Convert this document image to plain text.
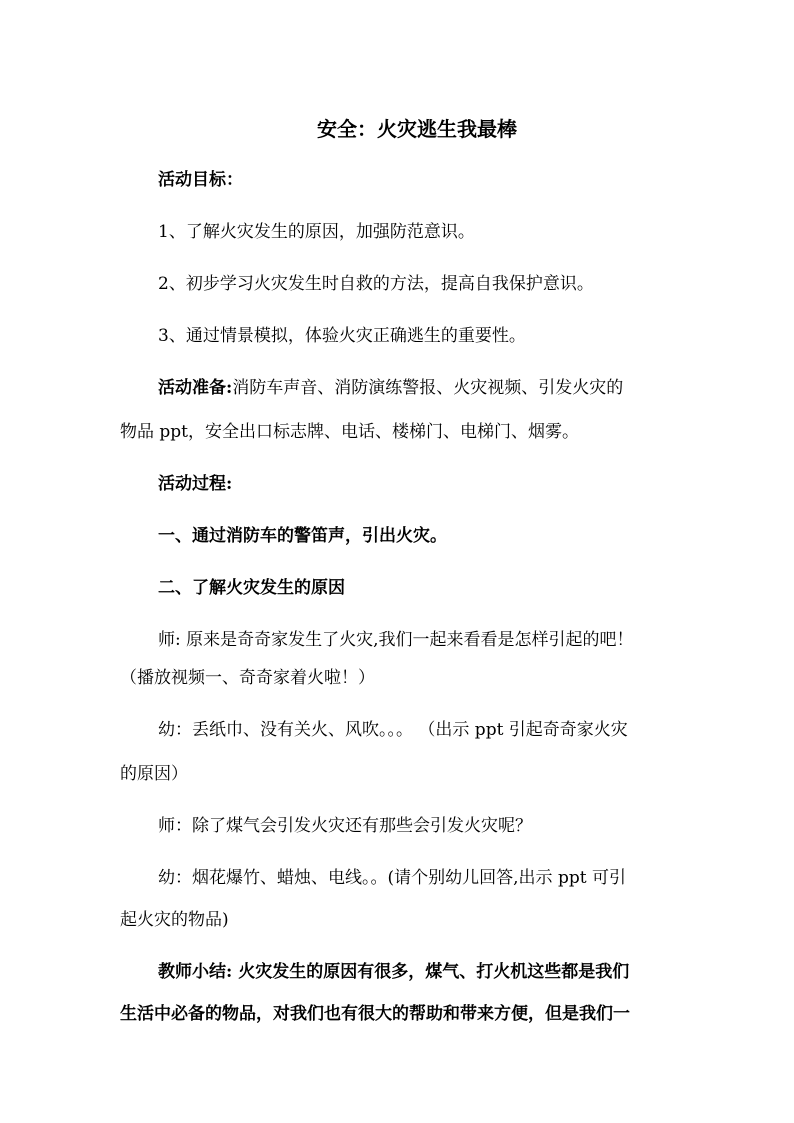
安全：火灾逃生我最棒
活动目标：
1、了解火灾发生的原因，加强防范意识。
2、初步学习火灾发生时自救的方法，提高自我保护意识。
3、通过情景模拟，体验火灾正确逃生的重要性。
活动准备:消防车声音、消防演练警报、火灾视频、引发火灾的
物品 ppt，安全出口标志牌、电话、楼梯门、电梯门、烟雾。
活动过程:
一、通过消防车的警笛声，引出火灾。
二、了解火灾发生的原因
师: 原来是奇奇家发生了火灾,我们一起来看看是怎样引起的吧！
（播放视频一、奇奇家着火啦！）
幼：丢纸巾、没有关火、风吹。。。 （出示 ppt 引起奇奇家火灾
的原因）
师：除了煤气会引发火灾还有那些会引发火灾呢？
幼：烟花爆竹、蜡烛、电线。。(请个别幼儿回答,出示 ppt 可引
起火灾的物品)
教师小结: 火灾发生的原因有很多，煤气、打火机这些都是我们
生活中必备的物品，对我们也有很大的帮助和带来方便，但是我们一
